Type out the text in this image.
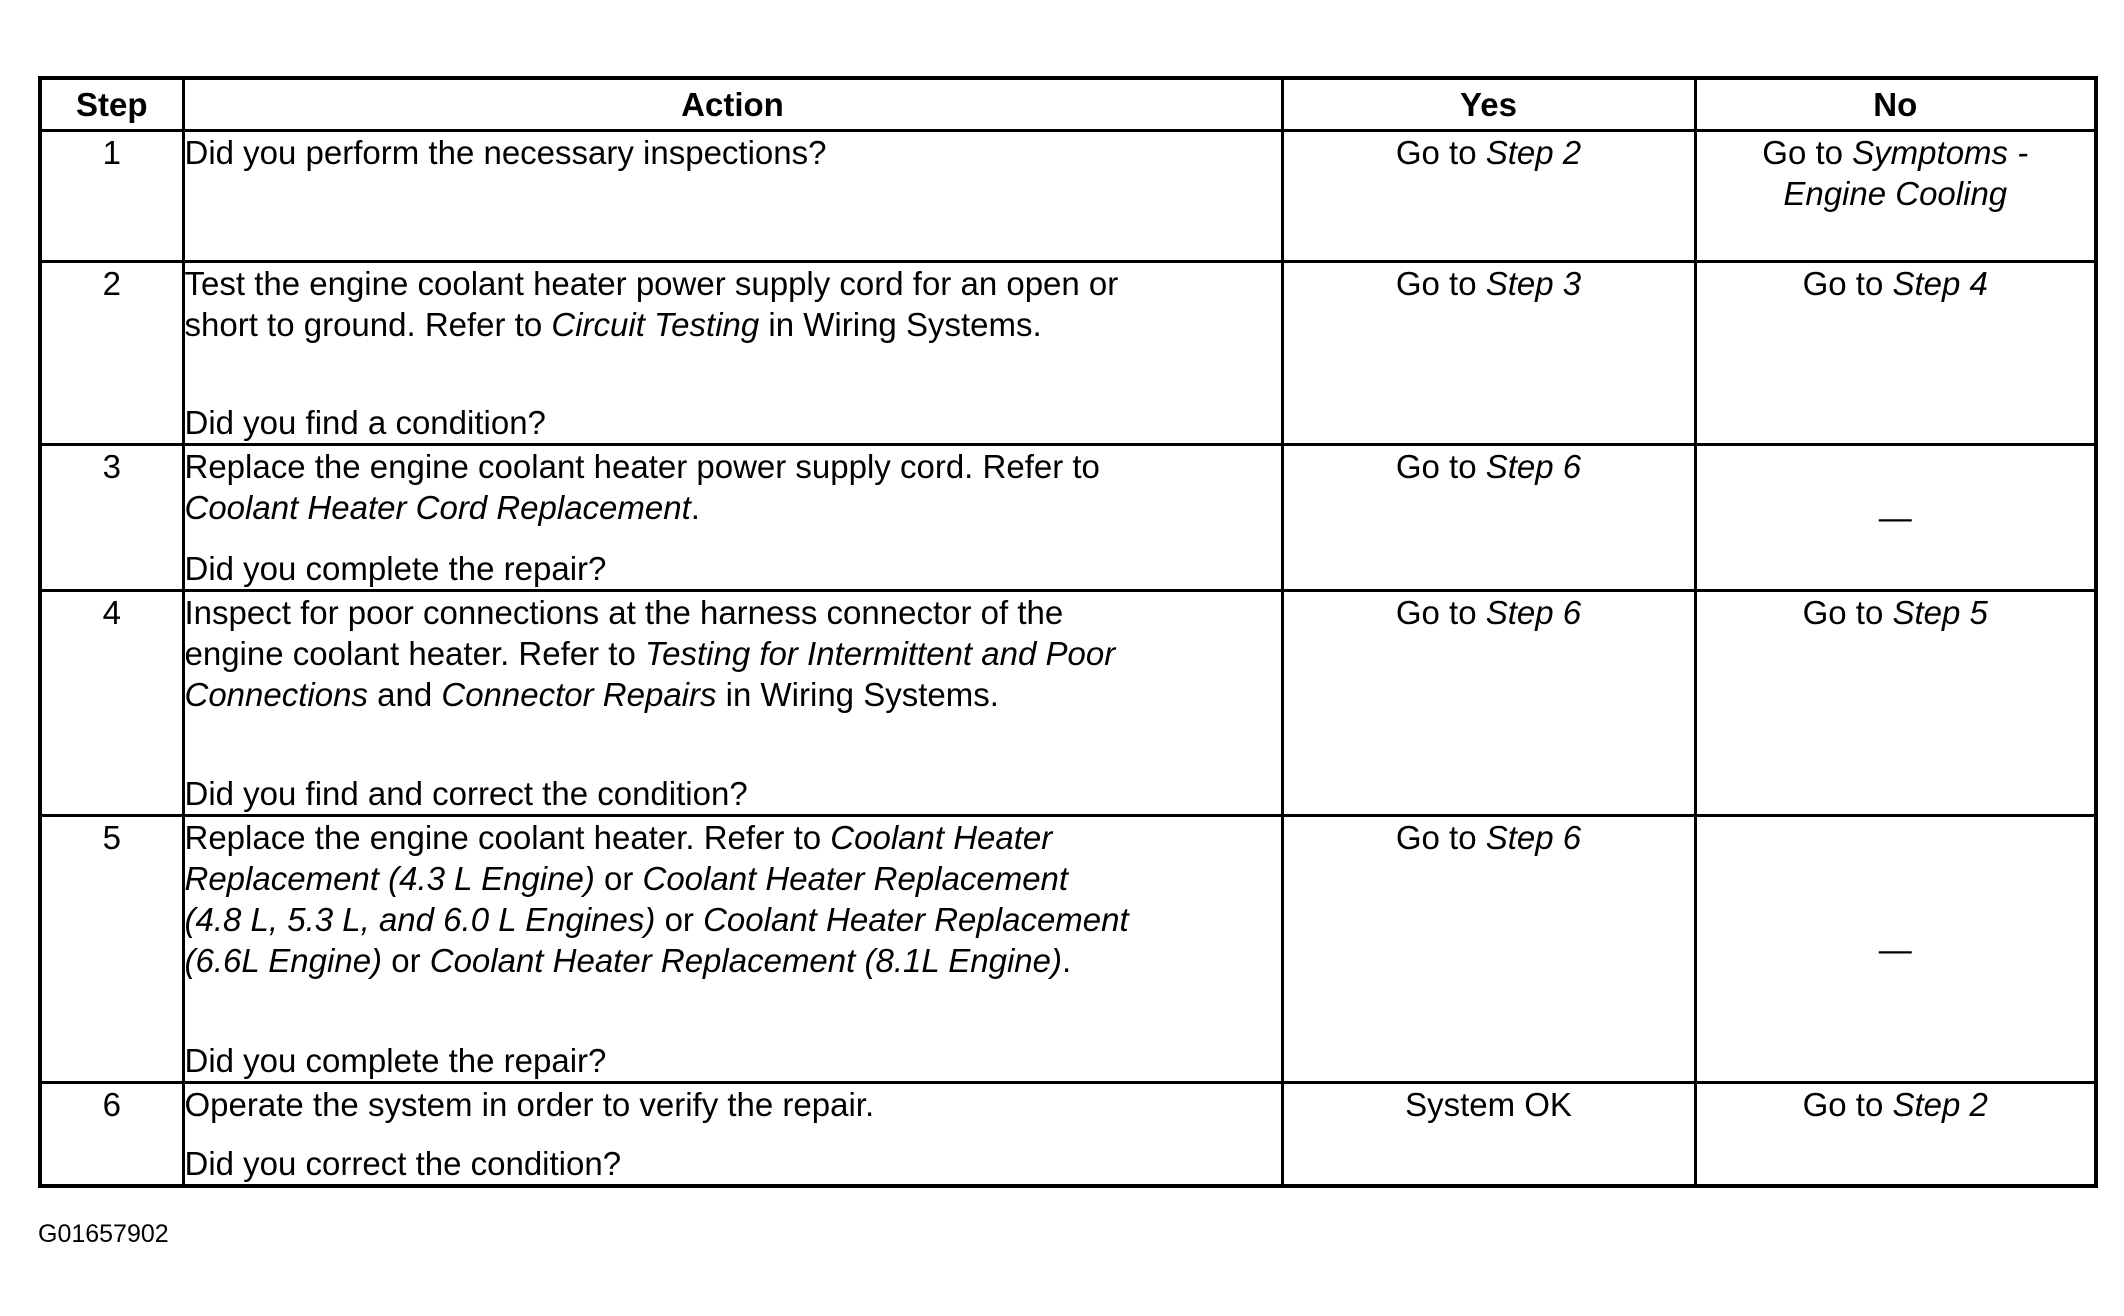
Step	Action	Yes	No
1	Did you perform the necessary inspections?	Go to Step 2	Go to Symptoms -
Engine Cooling

2	Test the engine coolant heater power supply cord for an open or
short to ground. Refer to Circuit Testing in Wiring Systems.
Did you find a condition?	Go to Step 3	Go to Step 4

3	Replace the engine coolant heater power supply cord. Refer to
Coolant Heater Cord Replacement.
Did you complete the repair?	Go to Step 6	—

4	Inspect for poor connections at the harness connector of the
engine coolant heater. Refer to Testing for Intermittent and Poor
Connections and Connector Repairs in Wiring Systems.
Did you find and correct the condition?	Go to Step 6	Go to Step 5

5	Replace the engine coolant heater. Refer to Coolant Heater
Replacement (4.3 L Engine) or Coolant Heater Replacement
(4.8 L, 5.3 L, and 6.0 L Engines) or Coolant Heater Replacement
(6.6L Engine) or Coolant Heater Replacement (8.1L Engine).
Did you complete the repair?	Go to Step 6	—

6	Operate the system in order to verify the repair.
Did you correct the condition?	System OK	Go to Step 2
G01657902
